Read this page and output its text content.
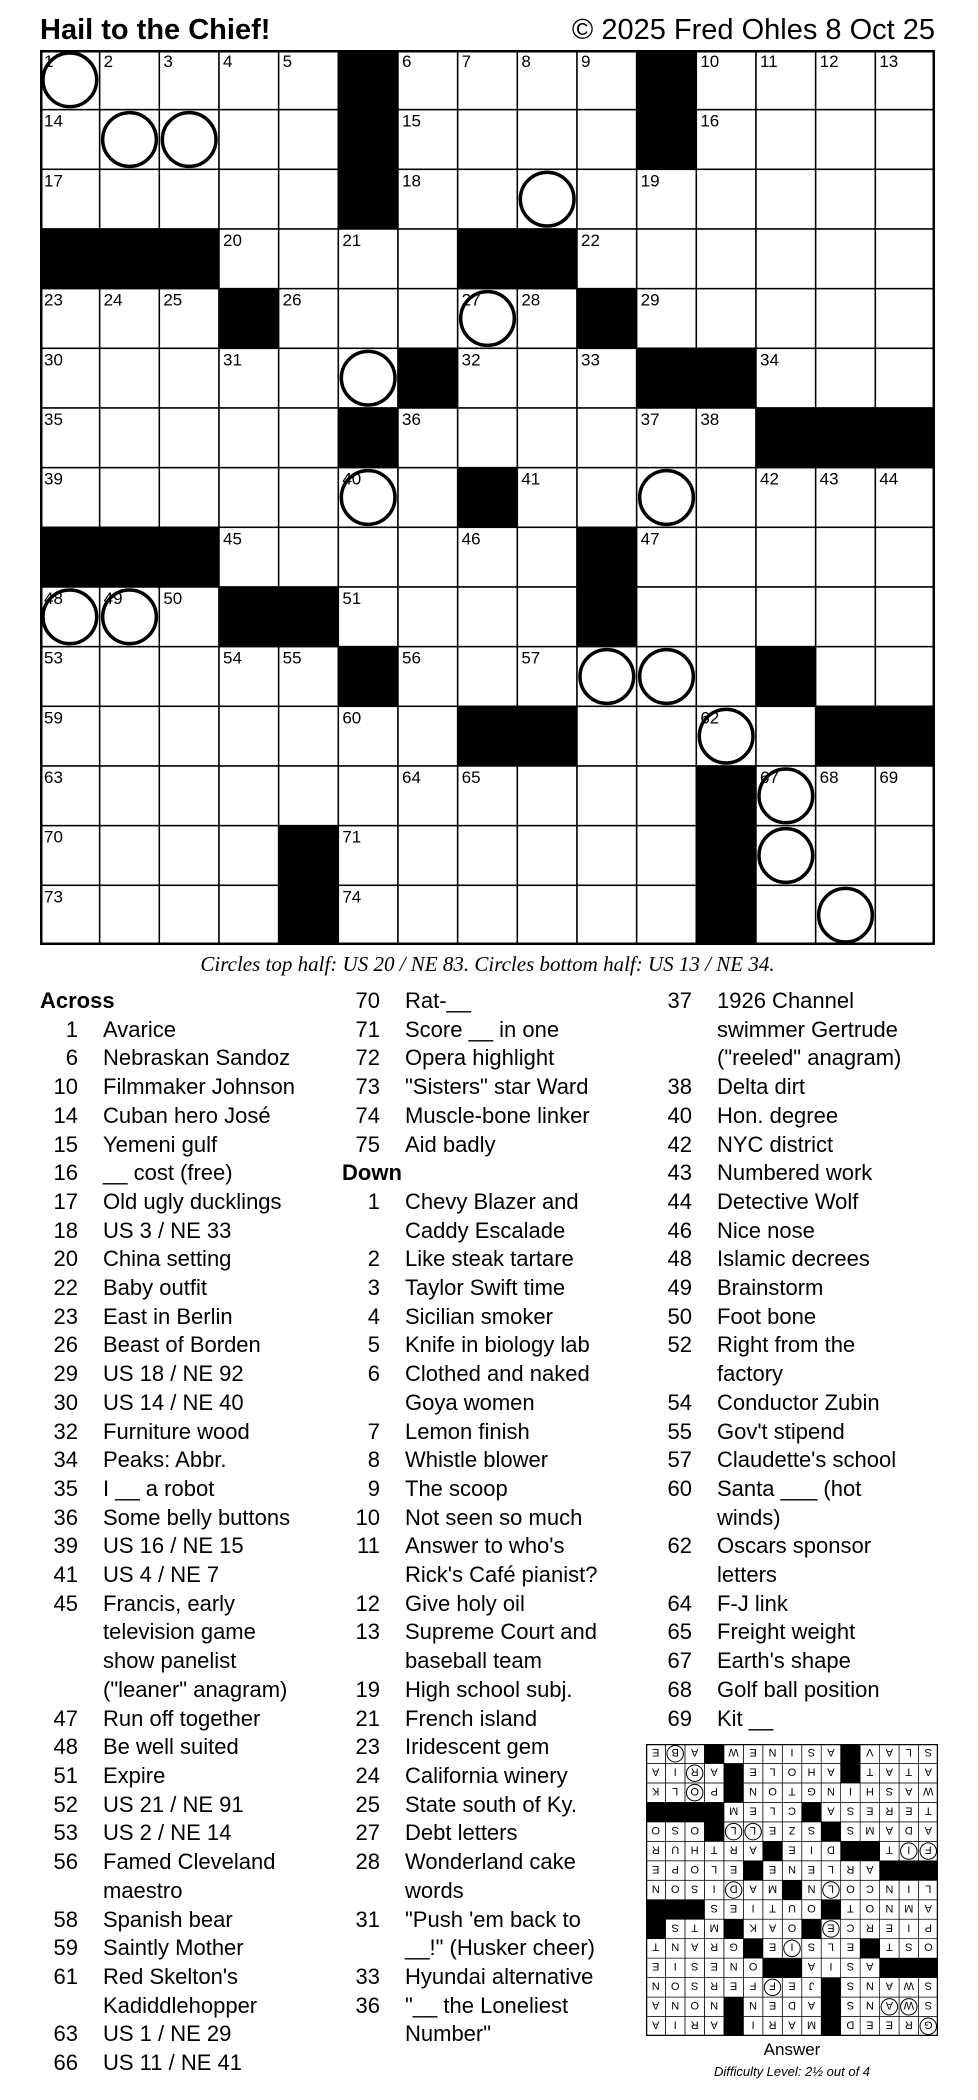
Hail to the Chief!	© 2025 Fred Ohles 8 Oct 25
1	2	3	4	5	6	7	8	9	10 11 12 13
14	15	16
17	18	19
20	21	22
23 24 25	26	27 28	29
30	31	32	33	34
35	36	37 38
39	40	41	42 43 44
45	46	47
48 49 50	51	52
53	54 55	56	57	58
59	60	61	62
63	64 65	66 67 68 69
70	71	72
73	74	75
Circles top half: US 20 / NE 83. Circles bottom half: US 13 / NE 34.
Across
1 Avarice
6 Nebraskan Sandoz
10 Filmmaker Johnson
14 Cuban hero José
15 Yemeni gulf
16 __ cost (free)
17 Old ugly ducklings
18 US 3 / NE 33
20 China setting
22 Baby outfit
23 East in Berlin
26 Beast of Borden
29 US 18 / NE 92
30 US 14 / NE 40
32 Furniture wood
34 Peaks: Abbr.
35 I __ a robot
36 Some belly buttons
39 US 16 / NE 15
41 US 4 / NE 7
45 Francis, early
television game
show panelist
("leaner" anagram)
47 Run off together
48 Be well suited
51 Expire
52 US 21 / NE 91
53 US 2 / NE 14
56 Famed Cleveland
maestro
58 Spanish bear
59 Saintly Mother
61 Red Skelton's
Kadiddlehopper
63 US 1 / NE 29
66 US 11 / NE 41
70 Rat-__
71 Score __ in one
72 Opera highlight
73 "Sisters" star Ward
74 Muscle-bone linker
75 Aid badly
Down
1 Chevy Blazer and
Caddy Escalade
2 Like steak tartare
3 Taylor Swift time
4 Sicilian smoker
5 Knife in biology lab
6 Clothed and naked
Goya women
7 Lemon finish
8 Whistle blower
9 The scoop
10 Not seen so much
11 Answer to who's
Rick's Café pianist?
12 Give holy oil
13 Supreme Court and
baseball team
19 High school subj.
21 French island
23 Iridescent gem
24 California winery
25 State south of Ky.
27 Debt letters
28 Wonderland cake
words
31 "Push 'em back to
__!" (Husker cheer)
33 Hyundai alternative
36 "__ the Loneliest
Number"
37 1926 Channel
swimmer Gertrude
("reeled" anagram)
38 Delta dirt
40 Hon. degree
42 NYC district
43 Numbered work
44 Detective Wolf
46 Nice nose
48 Islamic decrees
49 Brainstorm
50 Foot bone
52 Right from the
factory
54 Conductor Zubin
55 Gov't stipend
57 Claudette's school
60 Santa ___ (hot
winds)
62 Oscars sponsor
letters
64 F-J link
65 Freight weight
67 Earth's shape
68 Golf ball position
69 Kit __
G
R
E
E
D
M
A
R
I
A
R
I
A
S
W
A
N
S
A
D
E
N
N
O
N
A
S
W
A
N
S
J
E
F
F
E
R
S
O
N
A
S
I
A
O
N
E
S
I
E
O
S
T
E
L
S
I
E
G
R
A
N
T
P
I
E
R
C
E
O
A
K
M
T
S
A
M
N
O
T
O
U
T
I
E
S
L
I
N
C
O
L
N
M
A
D
I
S
O
N
A
R
L
E
N
E
E
L
O
P
E
F
I
T
D
I
E
A
R
T
H
U
R
A
D
A
M
S
S
Z
E
L
L
O
S
O
T
E
R
E
S
A
C
L
E
M
W
A
S
H
I
N
G
T
O
N
P
O
L
K
A
T
A
T
A
H
O
L
E
A
R
I
A
S
L
A
V
A
S
I
N
E
W
A
B
E
Answer
Difficulty Level: 2½ out of 4
